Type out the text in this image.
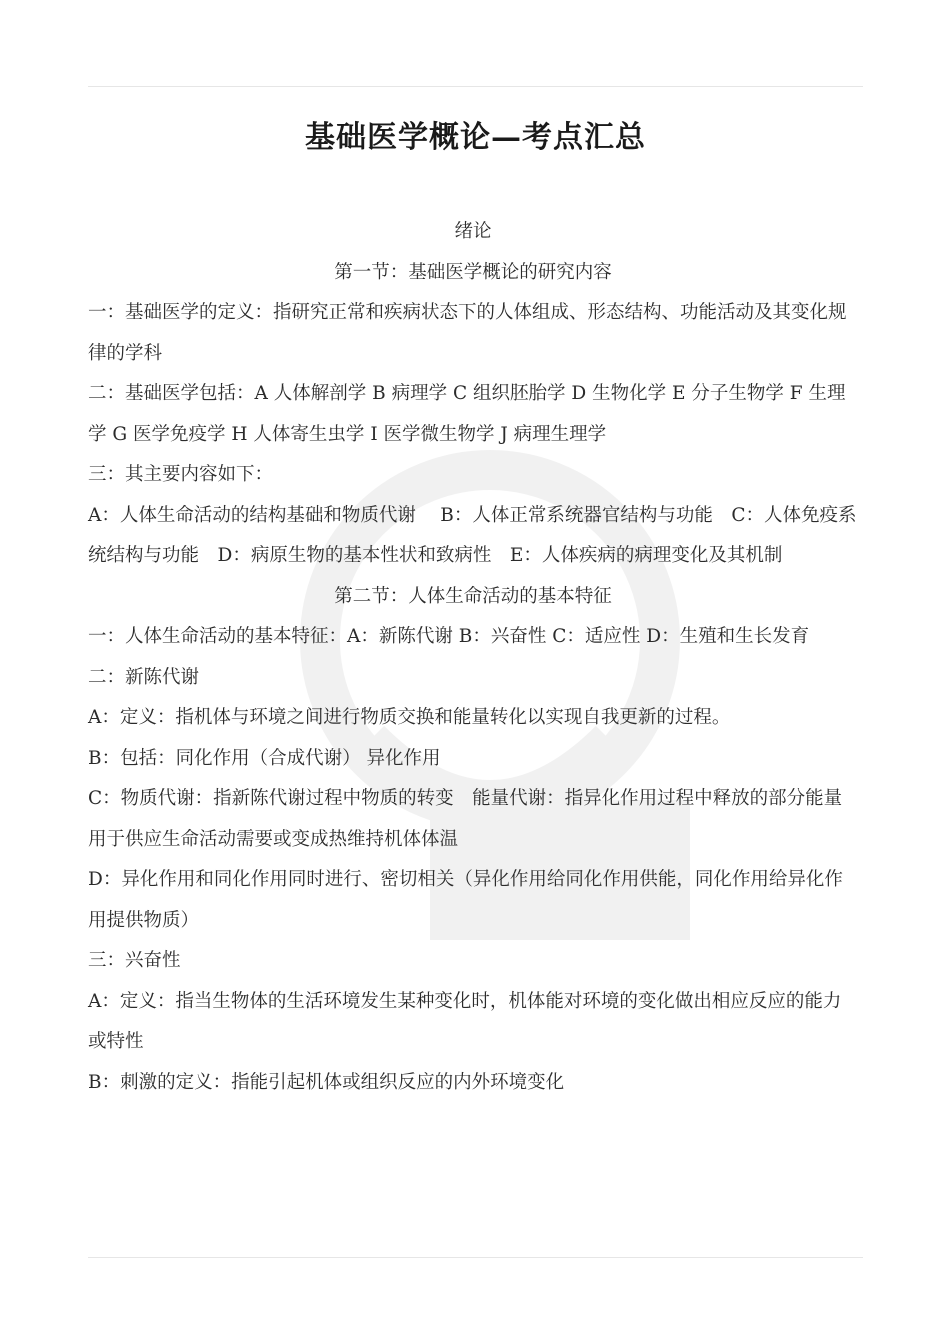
基础医学概论—考点汇总

绪论

第一节：基础医学概论的研究内容

一：基础医学的定义：指研究正常和疾病状态下的人体组成、形态结构、功能活动及其变化规律的学科

二：基础医学包括：A 人体解剖学 B 病理学 C 组织胚胎学 D 生物化学 E 分子生物学 F 生理学 G 医学免疫学 H 人体寄生虫学 I 医学微生物学 J 病理生理学

三：其主要内容如下：

A：人体生命活动的结构基础和物质代谢　 B：人体正常系统器官结构与功能　C：人体免疫系统结构与功能　D：病原生物的基本性状和致病性　E：人体疾病的病理变化及其机制

第二节：人体生命活动的基本特征

一：人体生命活动的基本特征：A：新陈代谢 B：兴奋性 C：适应性 D：生殖和生长发育

二：新陈代谢

A：定义：指机体与环境之间进行物质交换和能量转化以实现自我更新的过程。

B：包括：同化作用（合成代谢） 异化作用

C：物质代谢：指新陈代谢过程中物质的转变　能量代谢：指异化作用过程中释放的部分能量用于供应生命活动需要或变成热维持机体体温

D：异化作用和同化作用同时进行、密切相关（异化作用给同化作用供能，同化作用给异化作用提供物质）

三：兴奋性

A：定义：指当生物体的生活环境发生某种变化时，机体能对环境的变化做出相应反应的能力或特性

B：刺激的定义：指能引起机体或组织反应的内外环境变化
